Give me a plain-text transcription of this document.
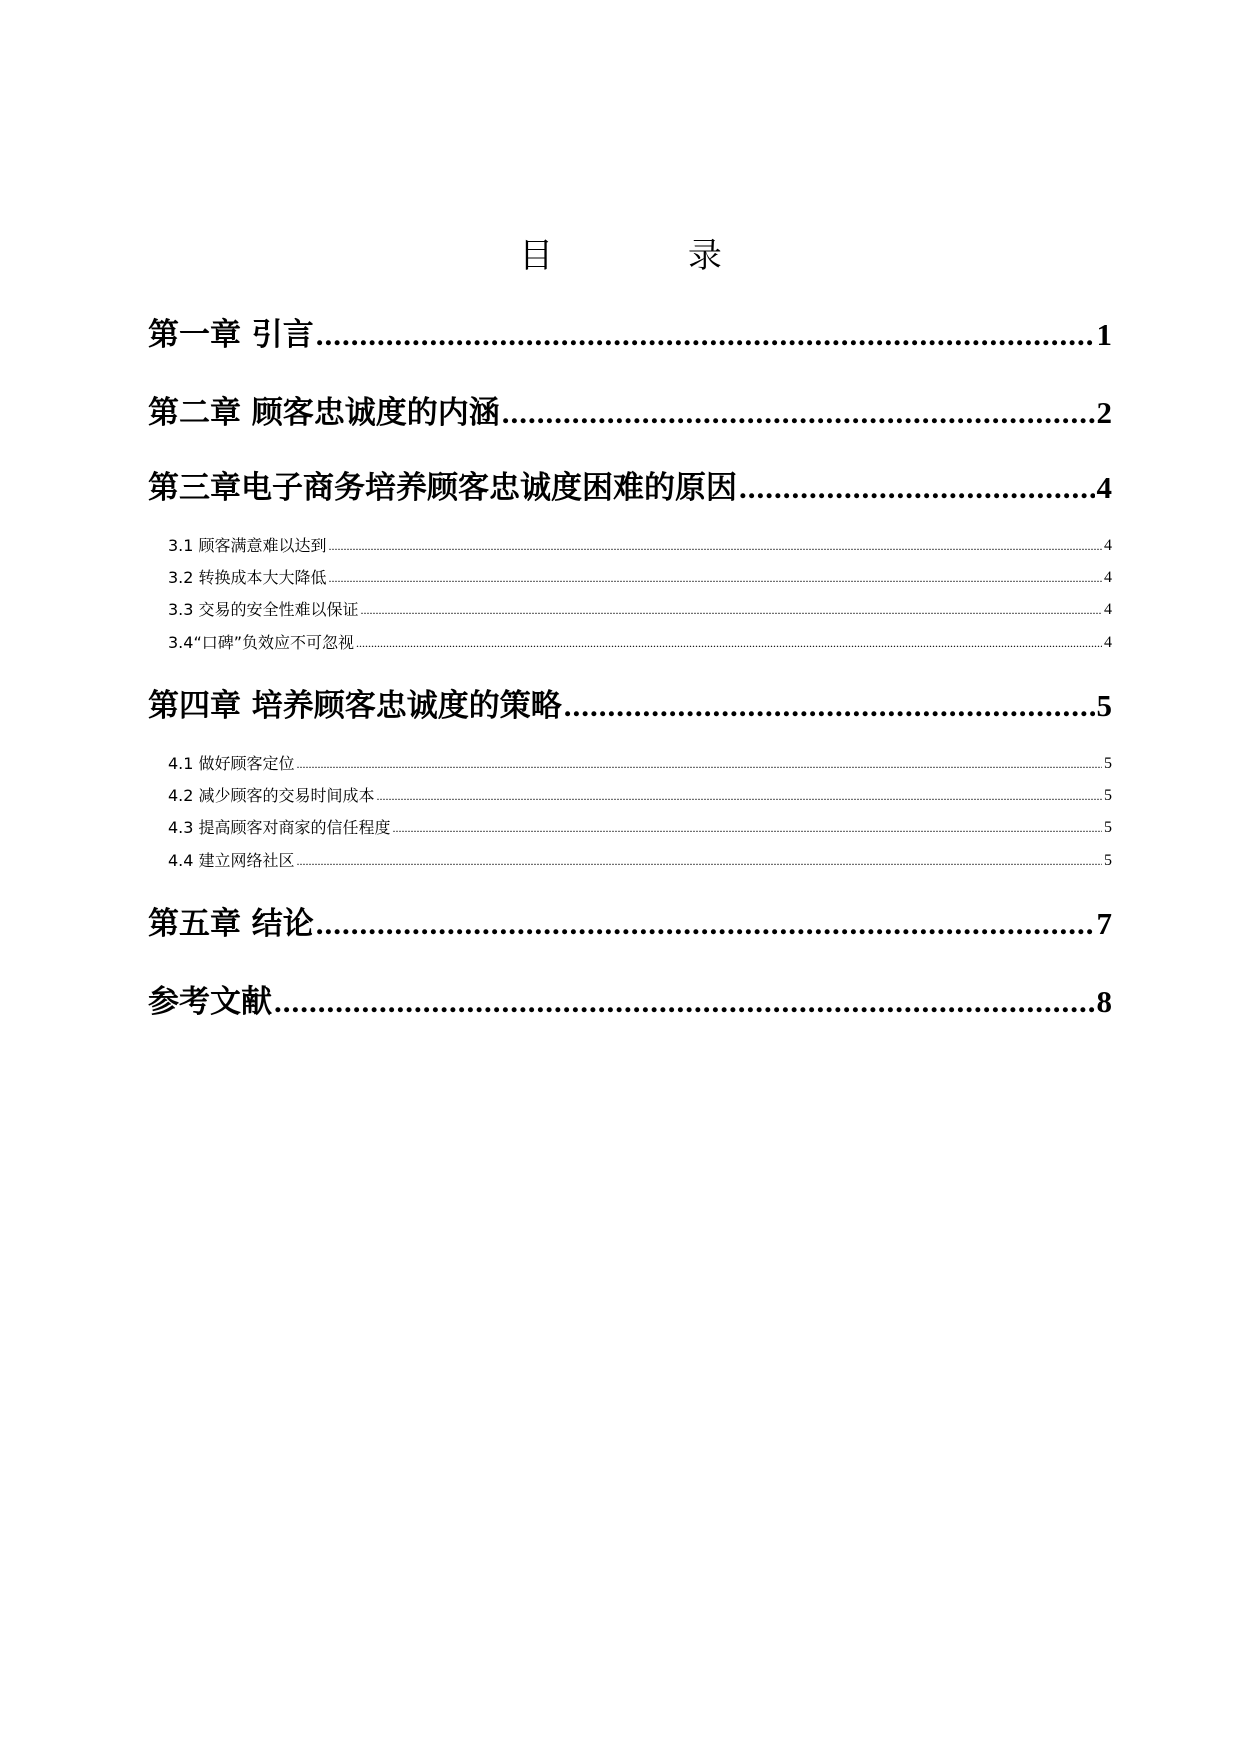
目 录
第一章 引言 .....	1
第二章 顾客忠诚度的内涵 .....	2
第三章电子商务培养顾客忠诚度困难的原因 .....	4
3.1 顾客满意难以达到 .....	4
3.2 转换成本大大降低 .....	4
3.3 交易的安全性难以保证 .....	4
3.4“口碑”负效应不可忽视 .....	4
第四章 培养顾客忠诚度的策略 .....	5
4.1 做好顾客定位 .....	5
4.2 减少顾客的交易时间成本 .....	5
4.3 提高顾客对商家的信任程度 .....	5
4.4 建立网络社区 .....	5
第五章 结论 .....	7
参考文献 .....	8
